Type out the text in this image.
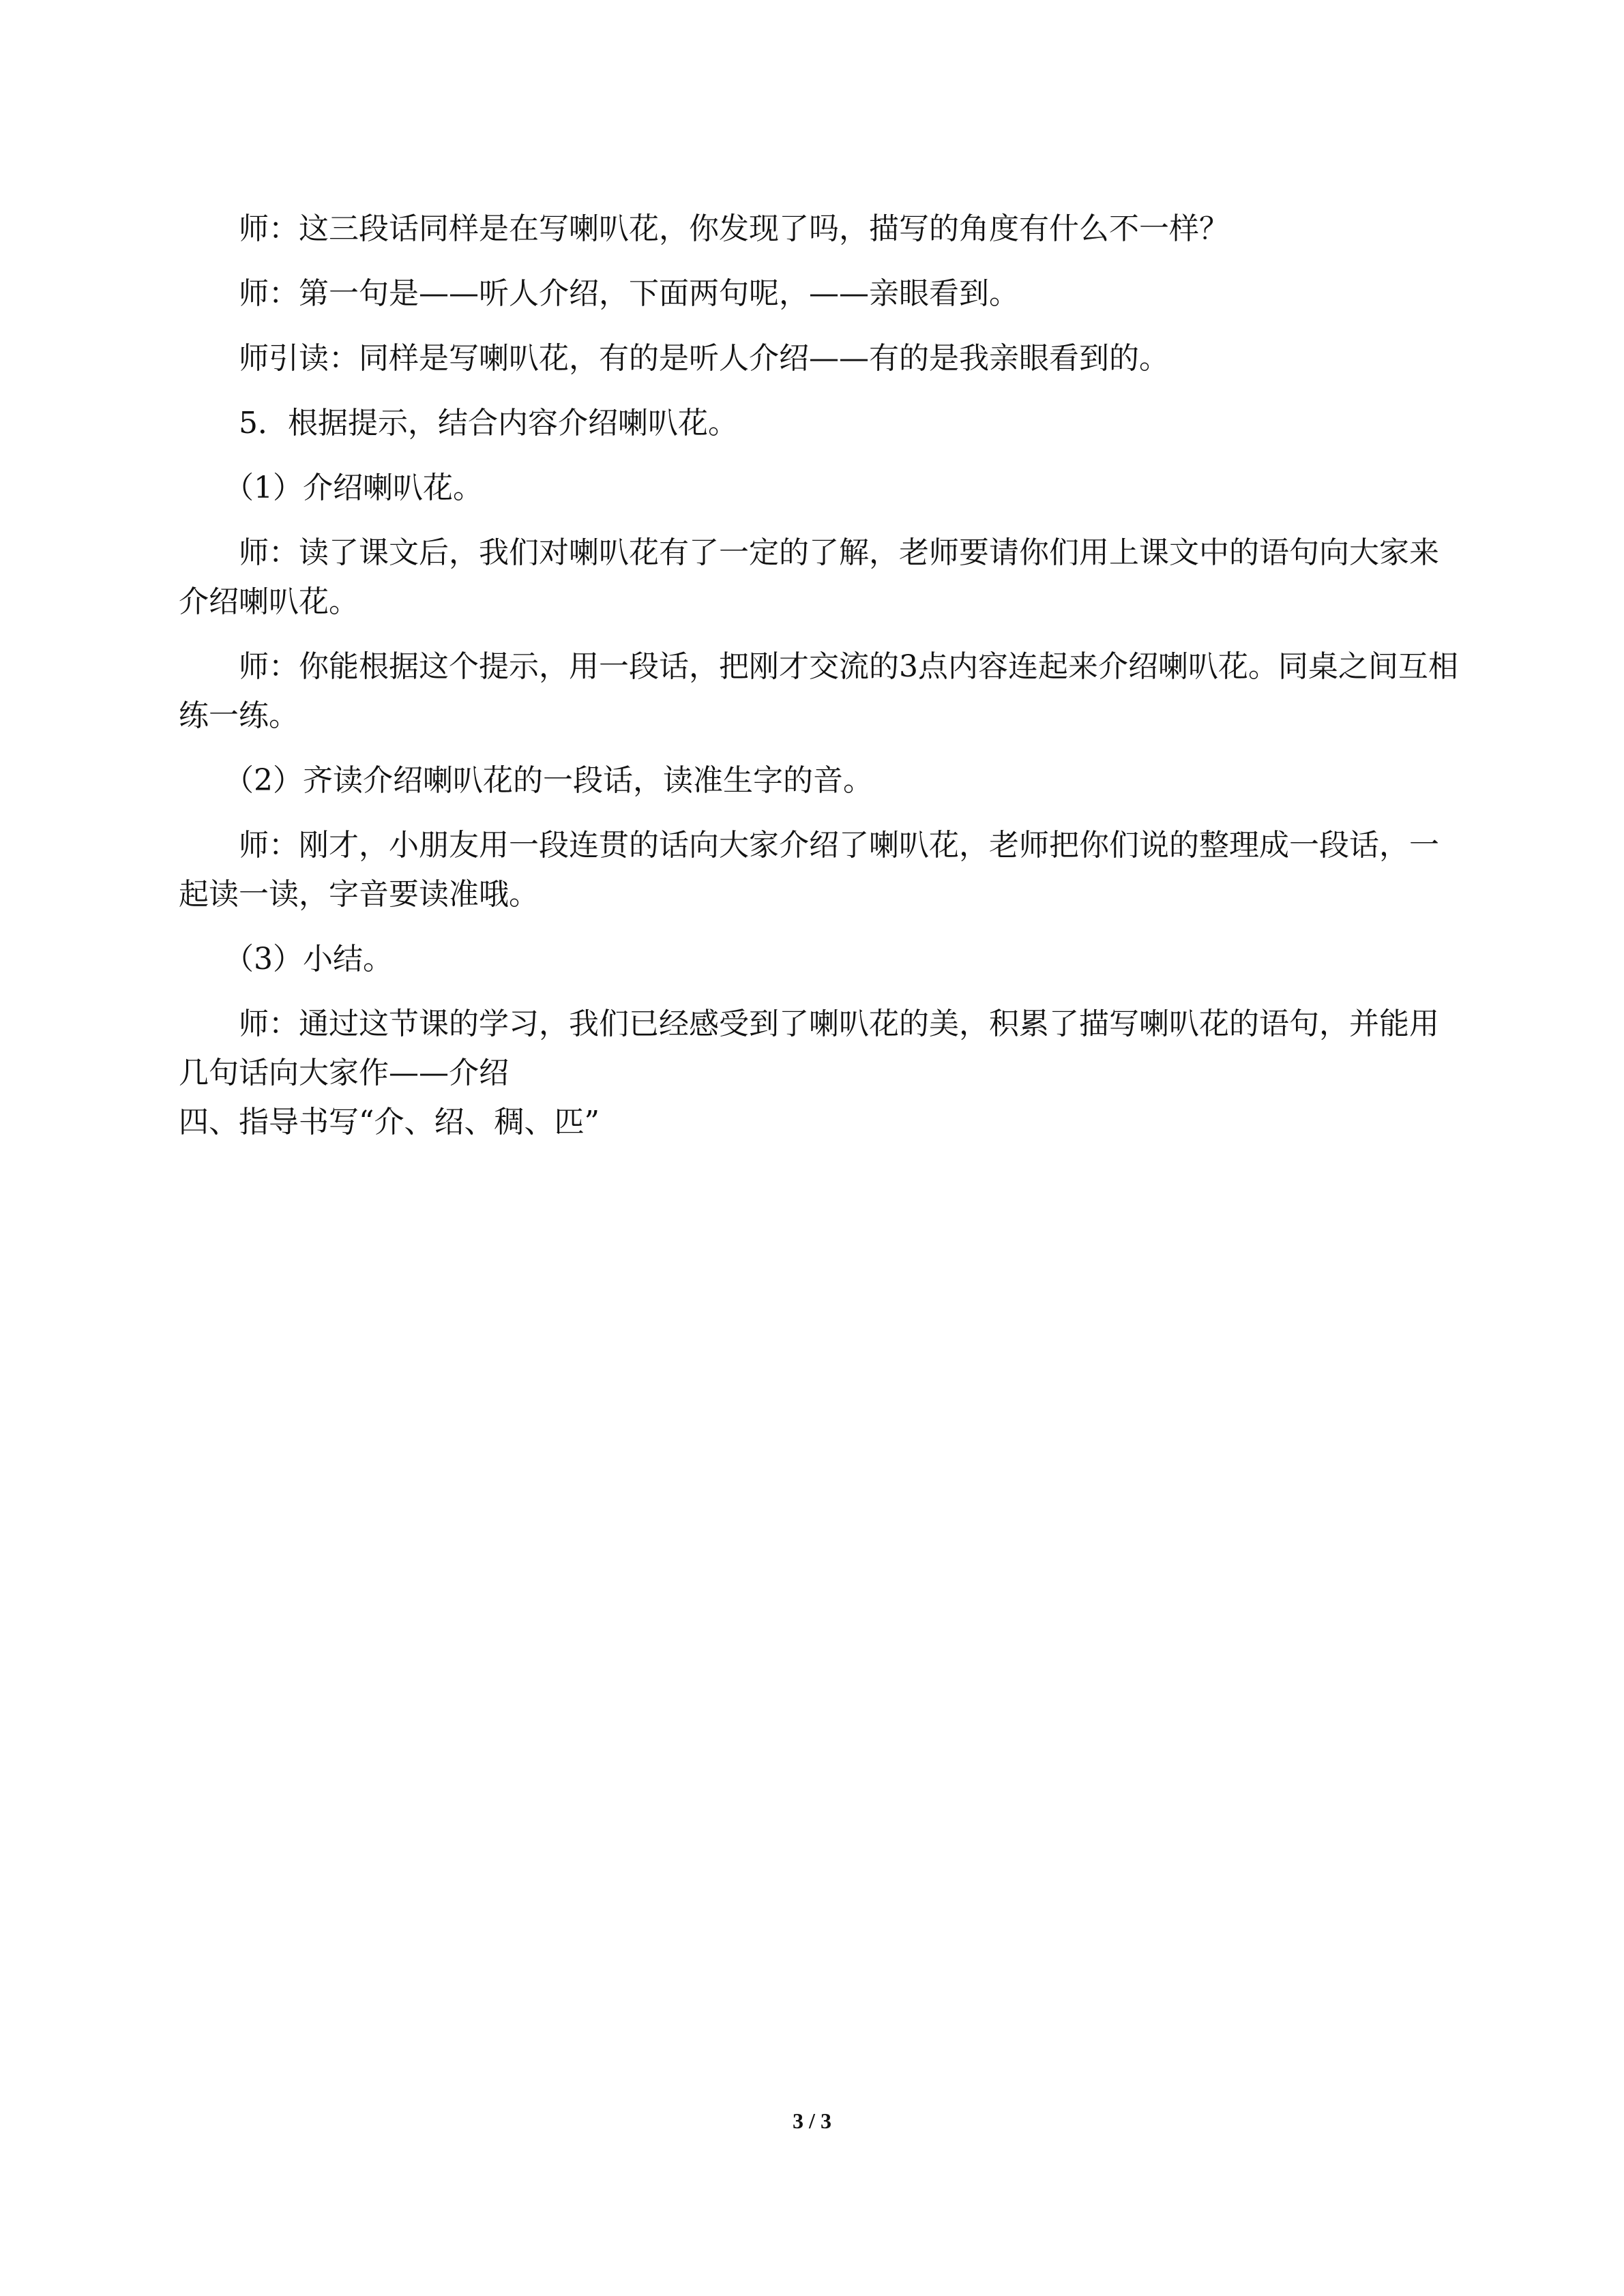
师：这三段话同样是在写喇叭花，你发现了吗，描写的角度有什么不一样？

师：第一句是——听人介绍，下面两句呢，——亲眼看到。

师引读：同样是写喇叭花，有的是听人介绍——有的是我亲眼看到的。

5．根据提示，结合内容介绍喇叭花。

（1）介绍喇叭花。

师：读了课文后，我们对喇叭花有了一定的了解，老师要请你们用上课文中的语句向大家来介绍喇叭花。

师：你能根据这个提示，用一段话，把刚才交流的3点内容连起来介绍喇叭花。同桌之间互相练一练。

（2）齐读介绍喇叭花的一段话，读准生字的音。

师：刚才，小朋友用一段连贯的话向大家介绍了喇叭花，老师把你们说的整理成一段话，一起读一读，字音要读准哦。

（3）小结。

师：通过这节课的学习，我们已经感受到了喇叭花的美，积累了描写喇叭花的语句，并能用几句话向大家作——介绍

四、指导书写“介、绍、稠、匹”

3 / 3
